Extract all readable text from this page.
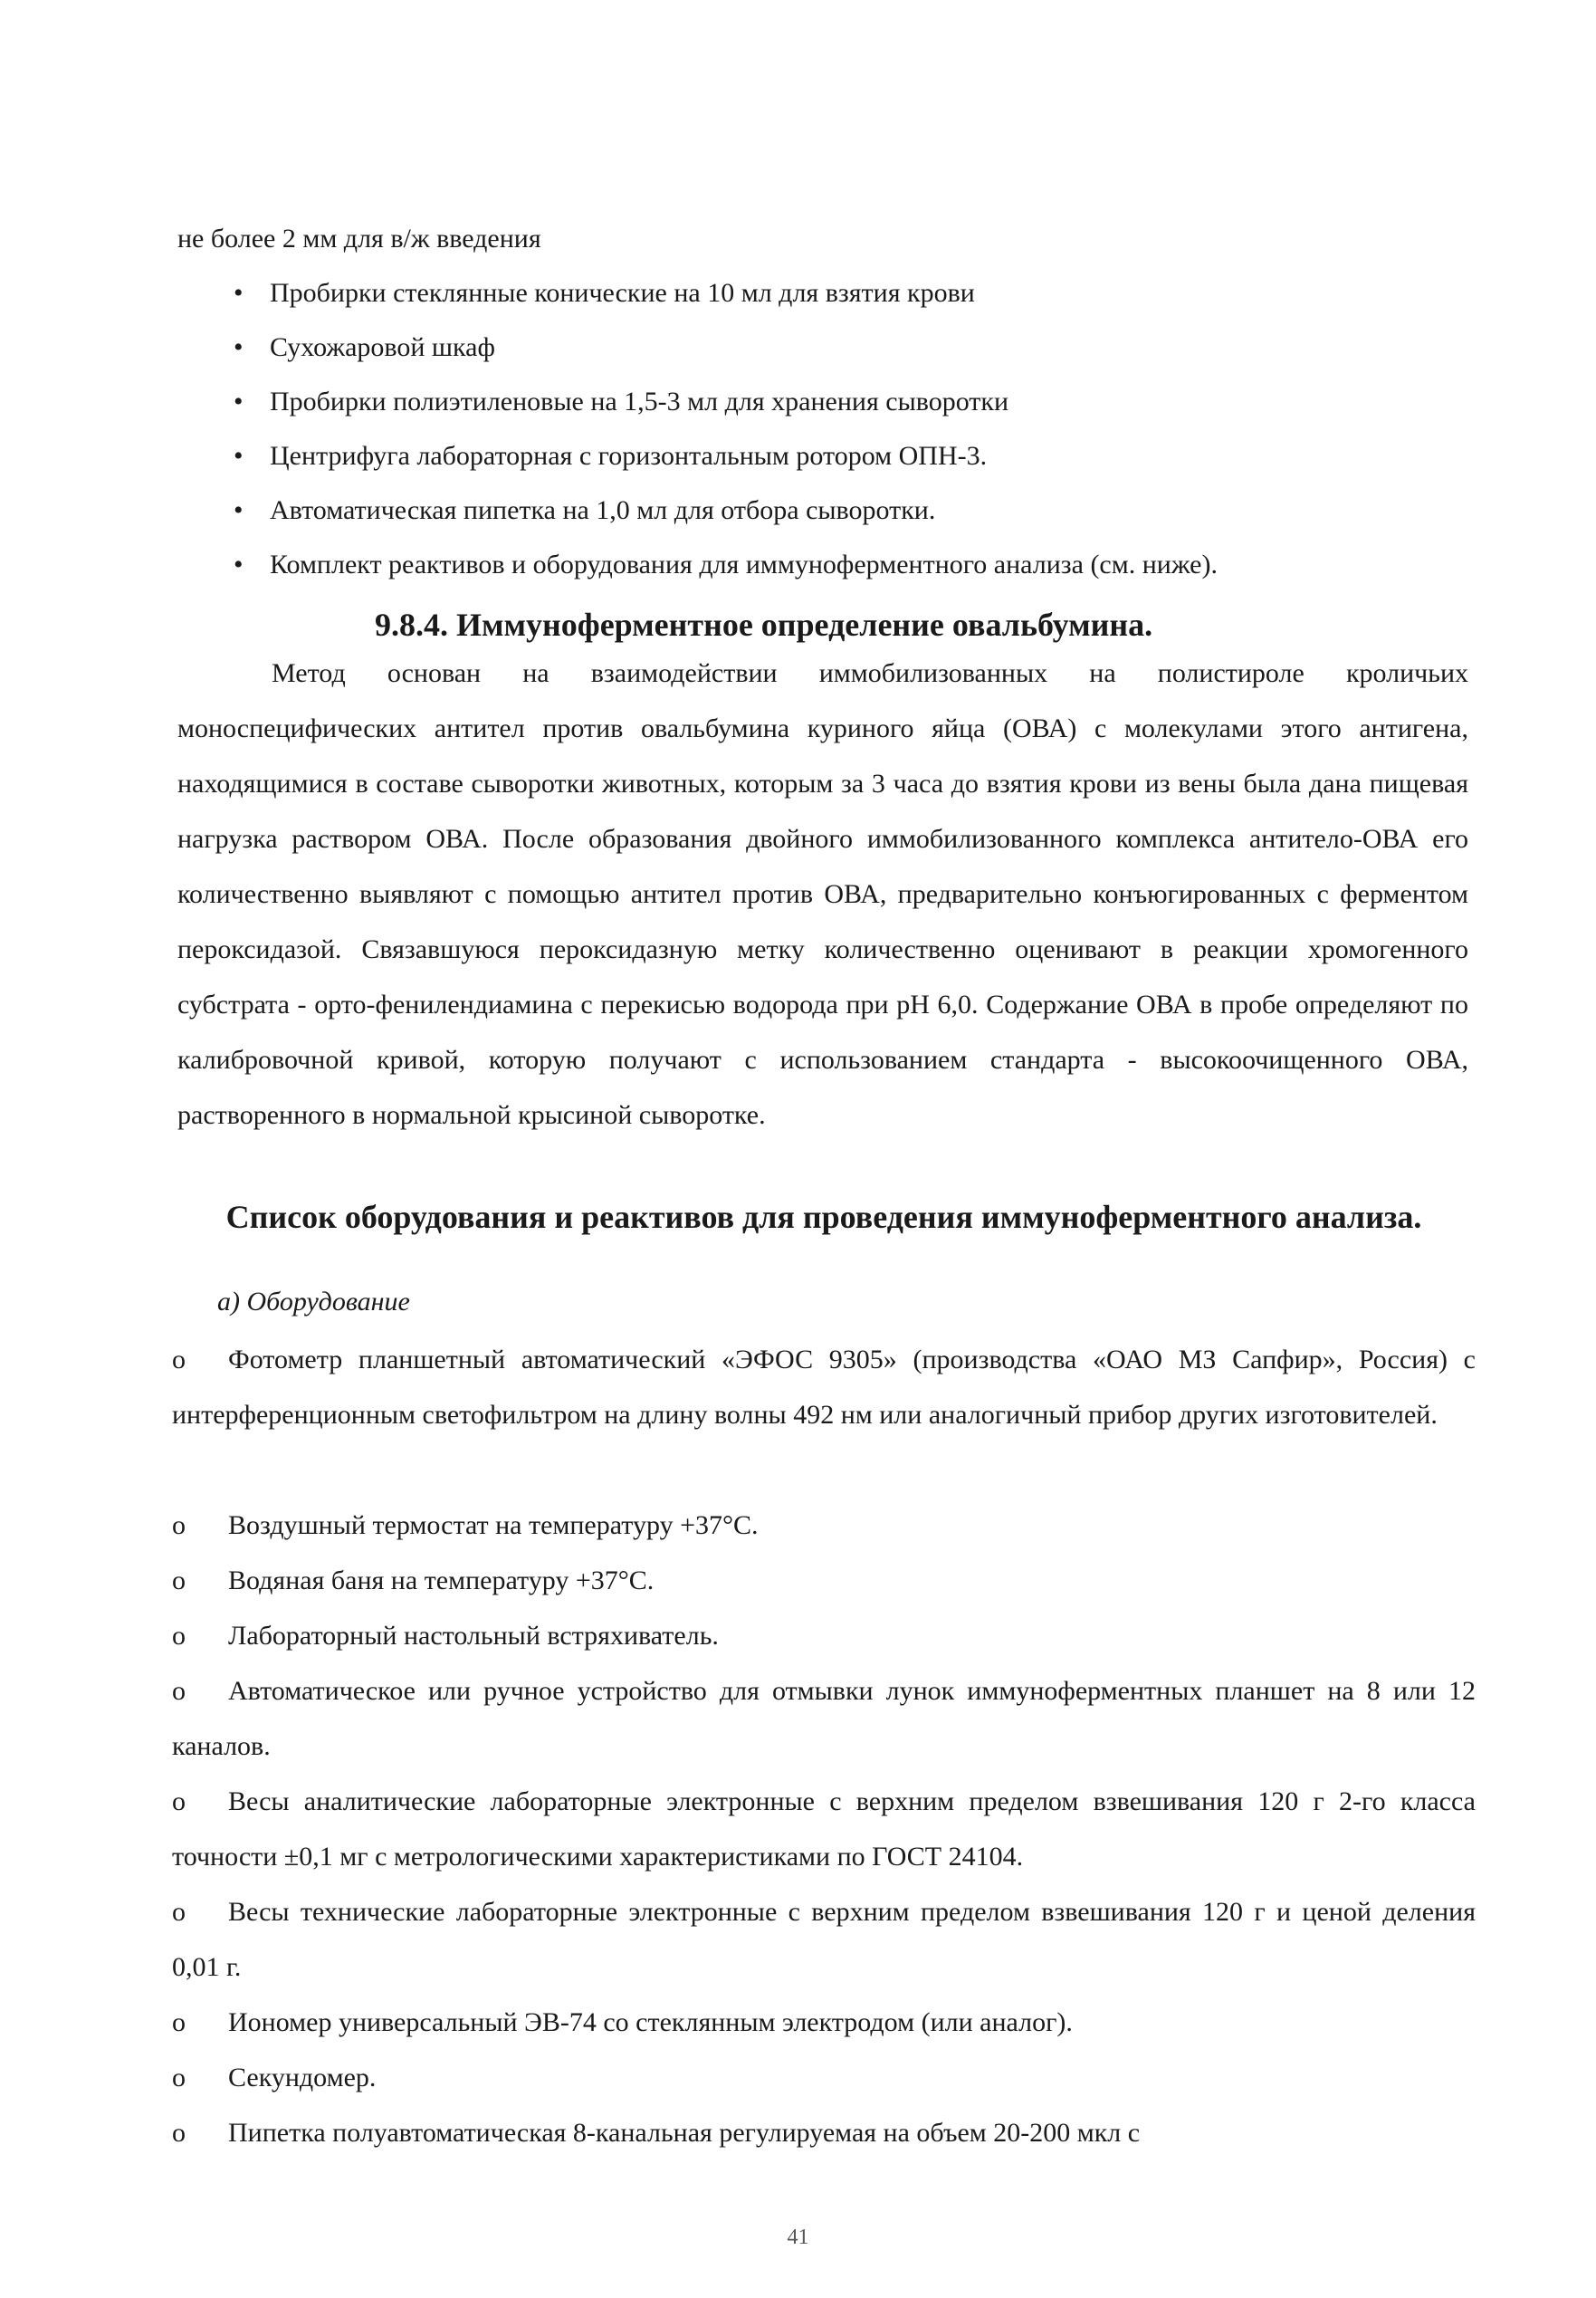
не более 2 мм для в/ж введения
• Пробирки стеклянные конические на 10 мл для взятия крови
• Сухожаровой шкаф
• Пробирки полиэтиленовые на 1,5-3 мл для хранения сыворотки
• Центрифуга лабораторная с горизонтальным ротором ОПН-3.
• Автоматическая пипетка на 1,0 мл для отбора сыворотки.
• Комплект реактивов и оборудования для иммуноферментного анализа (см. ниже).
9.8.4. Иммуноферментное определение овальбумина.
Метод основан на взаимодействии иммобилизованных на полистироле кроличьих моноспецифических антител против овальбумина куриного яйца (ОВА) с молекулами этого антигена, находящимися в составе сыворотки животных, которым за 3 часа до взятия крови из вены была дана пищевая нагрузка раствором ОВА. После образования двойного иммобилизованного комплекса антитело-ОВА его количественно выявляют с помощью антител против ОВА, предварительно конъюгированных с ферментом пероксидазой. Связавшуюся пероксидазную метку количественно оценивают в реакции хромогенного субстрата - орто-фенилендиамина с перекисью водорода при pH 6,0. Содержание ОВА в пробе определяют по калибровочной кривой, которую получают с использованием стандарта - высокоочищенного ОВА, растворенного в нормальной крысиной сыворотке.
Список оборудования и реактивов для проведения иммуноферментного анализа.
а) Оборудование
o Фотометр планшетный автоматический «ЭФОС 9305» (производства «ОАО МЗ Сапфир», Россия) с интерференционным светофильтром на длину волны 492 нм или аналогичный прибор других изготовителей.
o Воздушный термостат на температуру +37°С.
o Водяная баня на температуру +37°С.
o Лабораторный настольный встряхиватель.
o Автоматическое или ручное устройство для отмывки лунок иммуноферментных планшет на 8 или 12 каналов.
o Весы аналитические лабораторные электронные с верхним пределом взвешивания 120 г 2-го класса точности ±0,1 мг с метрологическими характеристиками по ГОСТ 24104.
o Весы технические лабораторные электронные с верхним пределом взвешивания 120 г и ценой деления 0,01 г.
o Иономер универсальный ЭВ-74 со стеклянным электродом (или аналог).
o Секундомер.
o Пипетка полуавтоматическая 8-канальная регулируемая на объем 20-200 мкл с
41
